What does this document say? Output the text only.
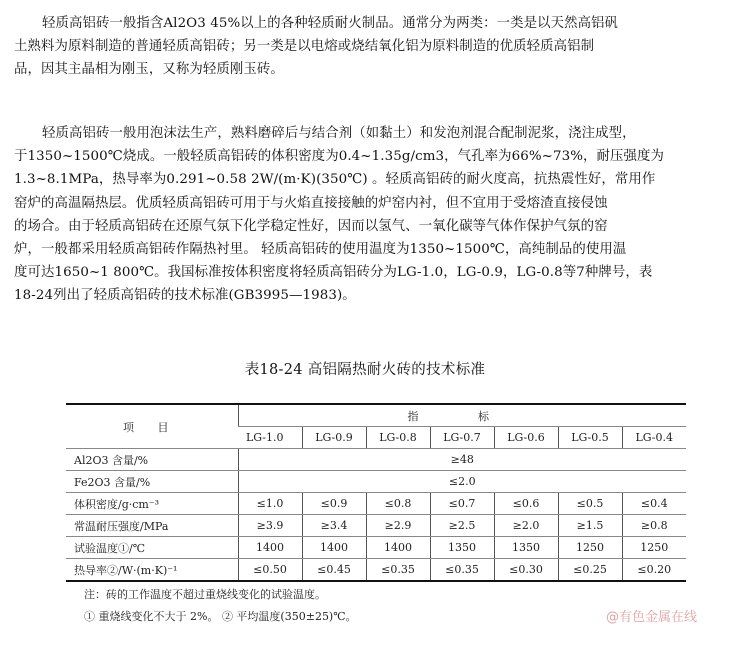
轻质高铝砖一般指含Al2O3 45%以上的各种轻质耐火制品。通常分为两类：一类是以天然高铝矾
土熟料为原料制造的普通轻质高铝砖；另一类是以电熔或烧结氧化铝为原料制造的优质轻质高铝制
品，因其主晶相为刚玉，又称为轻质刚玉砖。
轻质高铝砖一般用泡沫法生产，熟料磨碎后与结合剂（如黏土）和发泡剂混合配制泥浆，浇注成型，
于1350~1500℃烧成。一般轻质高铝砖的体积密度为0.4~1.35g/cm3，气孔率为66%~73%，耐压强度为
1.3~8.1MPa，热导率为0.291~0.58 2W/(m·K)(350℃) 。轻质高铝砖的耐火度高，抗热震性好，常用作
窑炉的高温隔热层。优质轻质高铝砖可用于与火焰直接接触的炉窑内衬，但不宜用于受熔渣直接侵蚀
的场合。由于轻质高铝砖在还原气氛下化学稳定性好，因而以氢气、一氧化碳等气体作保护气氛的窑
炉，一般都采用轻质高铝砖作隔热衬里。 轻质高铝砖的使用温度为1350~1500℃，高纯制品的使用温
度可达1650~1 800℃。我国标准按体积密度将轻质高铝砖分为LG-1.0，LG-0.9，LG-0.8等7种牌号，表
18-24列出了轻质高铝砖的技术标准(GB3995—1983)。
表18-24 高铝隔热耐火砖的技术标准
项 目	指 标						
	LG-1.0	LG-0.9	LG-0.8	LG-0.7	LG-0.6	LG-0.5	LG-0.4
Al2O3 含量/%	≥48						
Fe2O3 含量/%	≤2.0						
体积密度/g·cm⁻³	≤1.0	≤0.9	≤0.8	≤0.7	≤0.6	≤0.5	≤0.4
常温耐压强度/MPa	≥3.9	≥3.4	≥2.9	≥2.5	≥2.0	≥1.5	≥0.8
试验温度①/℃	1400	1400	1400	1350	1350	1250	1250
热导率②/W·(m·K)⁻¹	≤0.50	≤0.45	≤0.35	≤0.35	≤0.30	≤0.25	≤0.20
注：砖的工作温度不超过重烧线变化的试验温度。
① 重烧线变化不大于 2%。 ② 平均温度(350±25)℃。	@有色金属在线
